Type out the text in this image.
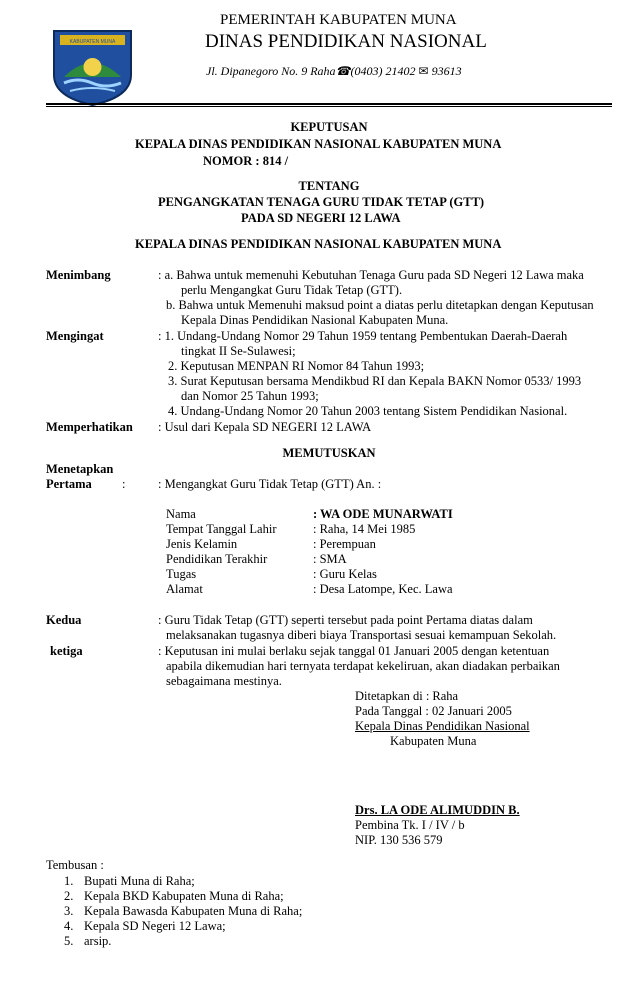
KABUPATEN MUNA
PEMERINTAH KABUPATEN MUNA
DINAS PENDIDIKAN NASIONAL
Jl. Dipanegoro No. 9 Raha☎(0403) 21402 ✉ 93613
KEPUTUSAN
KEPALA DINAS PENDIDIKAN NASIONAL KABUPATEN MUNA
NOMOR : 814 /
TENTANG
PENGANGKATAN TENAGA GURU TIDAK TETAP (GTT)
PADA SD NEGERI 12 LAWA
KEPALA DINAS PENDIDIKAN NASIONAL KABUPATEN MUNA
Menimbang	: a. Bahwa untuk memenuhi Kebutuhan Tenaga Guru pada SD Negeri 12 Lawa maka
perlu Mengangkat Guru Tidak Tetap (GTT).
b. Bahwa untuk Memenuhi maksud point a diatas perlu ditetapkan dengan Keputusan
Kepala Dinas Pendidikan Nasional Kabupaten Muna.
Mengingat	: 1. Undang-Undang Nomor 29 Tahun 1959 tentang Pembentukan Daerah-Daerah
tingkat II Se-Sulawesi;
2. Keputusan MENPAN RI Nomor 84 Tahun 1993;
3. Surat Keputusan bersama Mendikbud RI dan Kepala BAKN Nomor 0533/ 1993
dan Nomor 25 Tahun 1993;
4. Undang-Undang Nomor 20 Tahun 2003 tentang Sistem Pendidikan Nasional.
Memperhatikan : Usul dari Kepala SD NEGERI 12 LAWA
MEMUTUSKAN
Menetapkan
Pertama :	: Mengangkat Guru Tidak Tetap (GTT) An. :
Nama	: WA ODE MUNARWATI
Tempat Tanggal Lahir	: Raha, 14 Mei 1985
Jenis Kelamin	: Perempuan
Pendidikan Terakhir	: SMA
Tugas	: Guru Kelas
Alamat	: Desa Latompe, Kec. Lawa
Kedua	: Guru Tidak Tetap (GTT) seperti tersebut pada point Pertama diatas dalam
melaksanakan tugasnya diberi biaya Transportasi sesuai kemampuan Sekolah.
ketiga	: Keputusan ini mulai berlaku sejak tanggal 01 Januari 2005 dengan ketentuan
apabila dikemudian hari ternyata terdapat kekeliruan, akan diadakan perbaikan
sebagaimana mestinya.
Ditetapkan di : Raha
Pada Tanggal : 02 Januari 2005
Kepala Dinas Pendidikan Nasional
Kabupaten Muna
Drs. LA ODE ALIMUDDIN B.
Pembina Tk. I / IV / b
NIP. 130 536 579
Tembusan :
1. Bupati Muna di Raha;
2. Kepala BKD Kabupaten Muna di Raha;
3. Kepala Bawasda Kabupaten Muna di Raha;
4. Kepala SD Negeri 12 Lawa;
5. arsip.
